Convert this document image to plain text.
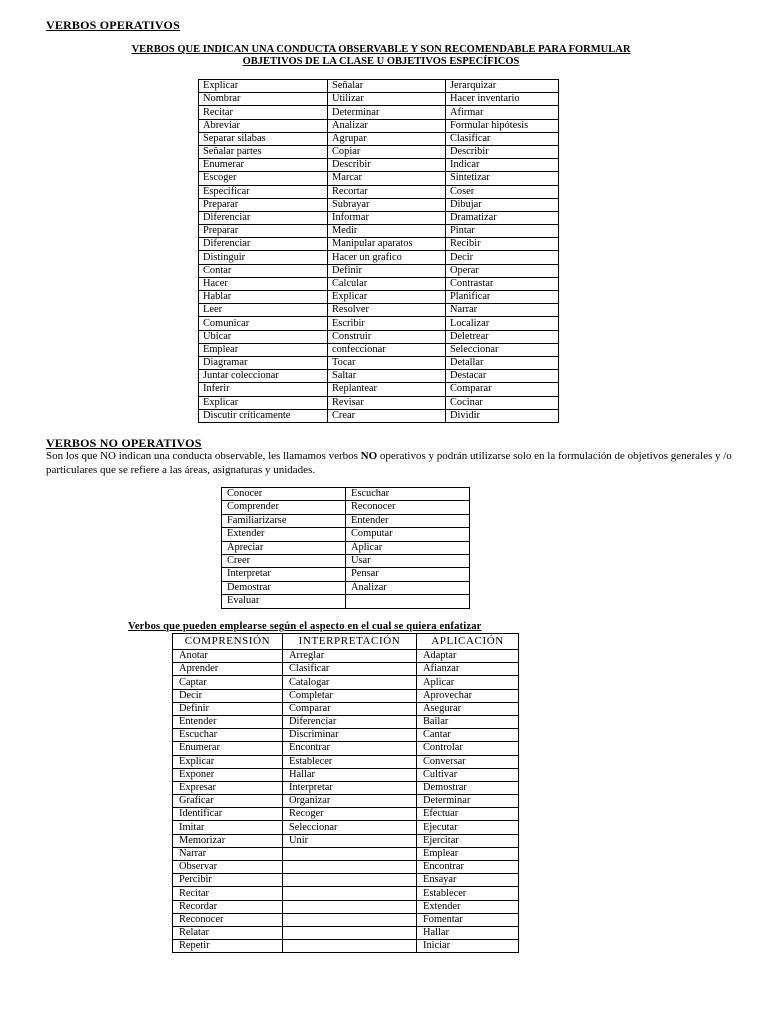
VERBOS OPERATIVOS
VERBOS QUE INDICAN UNA CONDUCTA OBSERVABLE Y SON RECOMENDABLE PARA FORMULAR
OBJETIVOS DE LA CLASE U OBJETIVOS ESPECÍFICOS
Explicar	Señalar	Jerarquizar
Nombrar	Utilizar	Hacer inventario
Recitar	Determinar	Afirmar
Abreviar	Analizar	Formular hipótesis
Separar silabas	Agrupar	Clasificar
Señalar partes	Copiar	Describir
Enumerar	Describir	Indicar
Escoger	Marcar	Sintetizar
Especificar	Recortar	Coser
Preparar	Subrayar	Dibujar
Diferenciar	Informar	Dramatizar
Preparar	Medir	Pintar
Diferenciar	Manipular aparatos	Recibir
Distinguir	Hacer un grafico	Decir
Contar	Definir	Operar
Hacer	Calcular	Contrastar
Hablar	Explicar	Planificar
Leer	Resolver	Narrar
Comunicar	Escribir	Localizar
Ubicar	Construir	Deletrear
Emplear	confeccionar	Seleccionar
Diagramar	Tocar	Detallar
Juntar coleccionar	Saltar	Destacar
Inferir	Replantear	Comparar
Explicar	Revisar	Cocinar
Discutir críticamente	Crear	Dividir
VERBOS NO OPERATIVOS
Son los que NO indican una conducta observable, les llamamos verbos NO operativos y podrán utilizarse solo en la formulación de objetivos generales y /o particulares que se refiere a las áreas, asignaturas y unidades.
Conocer	Escuchar
Comprender	Reconocer
Familiarizarse	Entender
Extender	Computar
Apreciar	Aplicar
Creer	Usar
Interpretar	Pensar
Demostrar	Analizar
Evaluar	
Verbos que pueden emplearse según el aspecto en el cual se quiera enfatizar
COMPRENSIÓN	INTERPRETACIÓN	APLICACIÓN
Anotar	Arreglar	Adaptar
Aprender	Clasificar	Afianzar
Captar	Catalogar	Aplicar
Decir	Completar	Aprovechar
Definir	Comparar	Asegurar
Entender	Diferenciar	Bailar
Escuchar	Discriminar	Cantar
Enumerar	Encontrar	Controlar
Explicar	Establecer	Conversar
Exponer	Hallar	Cultivar
Expresar	Interpretar	Demostrar
Graficar	Organizar	Determinar
Identificar	Recoger	Efectuar
Imitar	Seleccionar	Ejecutar
Memorizar	Unir	Ejercitar
Narrar		Emplear
Observar		Encontrar
Percibir		Ensayar
Recitar		Establecer
Recordar		Extender
Reconocer		Fomentar
Relatar		Hallar
Repetir		Iniciar
